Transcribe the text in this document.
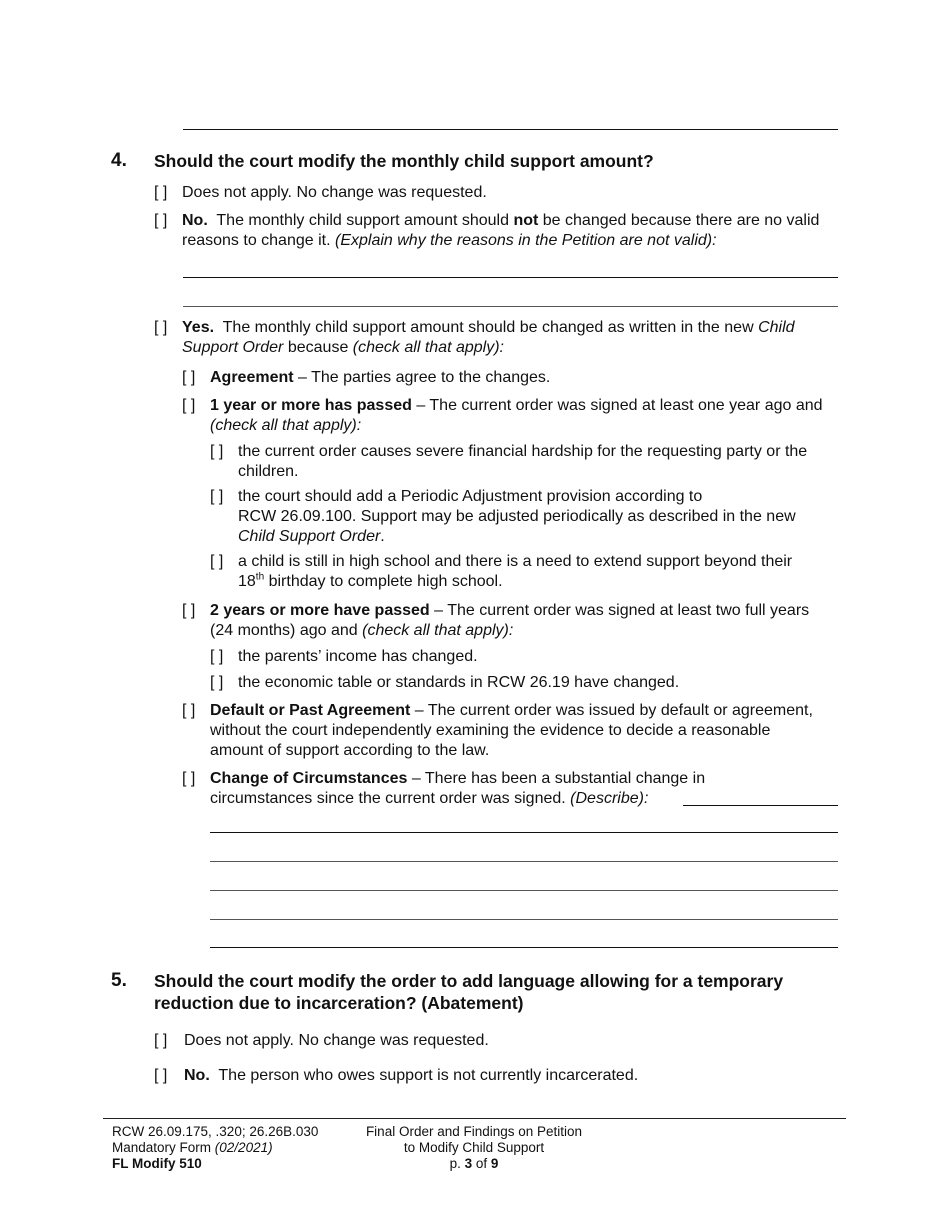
4. Should the court modify the monthly child support amount?
[ ] Does not apply. No change was requested.
[ ] No. The monthly child support amount should not be changed because there are no valid reasons to change it. (Explain why the reasons in the Petition are not valid):
[ ] Yes. The monthly child support amount should be changed as written in the new Child Support Order because (check all that apply):
[ ] Agreement – The parties agree to the changes.
[ ] 1 year or more has passed – The current order was signed at least one year ago and (check all that apply):
[ ] the current order causes severe financial hardship for the requesting party or the children.
[ ] the court should add a Periodic Adjustment provision according to
RCW 26.09.100. Support may be adjusted periodically as described in the new
Child Support Order.
[ ] a child is still in high school and there is a need to extend support beyond their
18th birthday to complete high school.
[ ] 2 years or more have passed – The current order was signed at least two full years (24 months) ago and (check all that apply):
[ ] the parents’ income has changed.
[ ] the economic table or standards in RCW 26.19 have changed.
[ ] Default or Past Agreement – The current order was issued by default or agreement, without the court independently examining the evidence to decide a reasonable amount of support according to the law.
[ ] Change of Circumstances – There has been a substantial change in circumstances since the current order was signed. (Describe):
5. Should the court modify the order to add language allowing for a temporary reduction due to incarceration? (Abatement)
[ ] Does not apply. No change was requested.
[ ] No. The person who owes support is not currently incarcerated.
RCW 26.09.175, .320; 26.26B.030
Mandatory Form (02/2021)
FL Modify 510
Final Order and Findings on Petition
to Modify Child Support
p. 3 of 9
